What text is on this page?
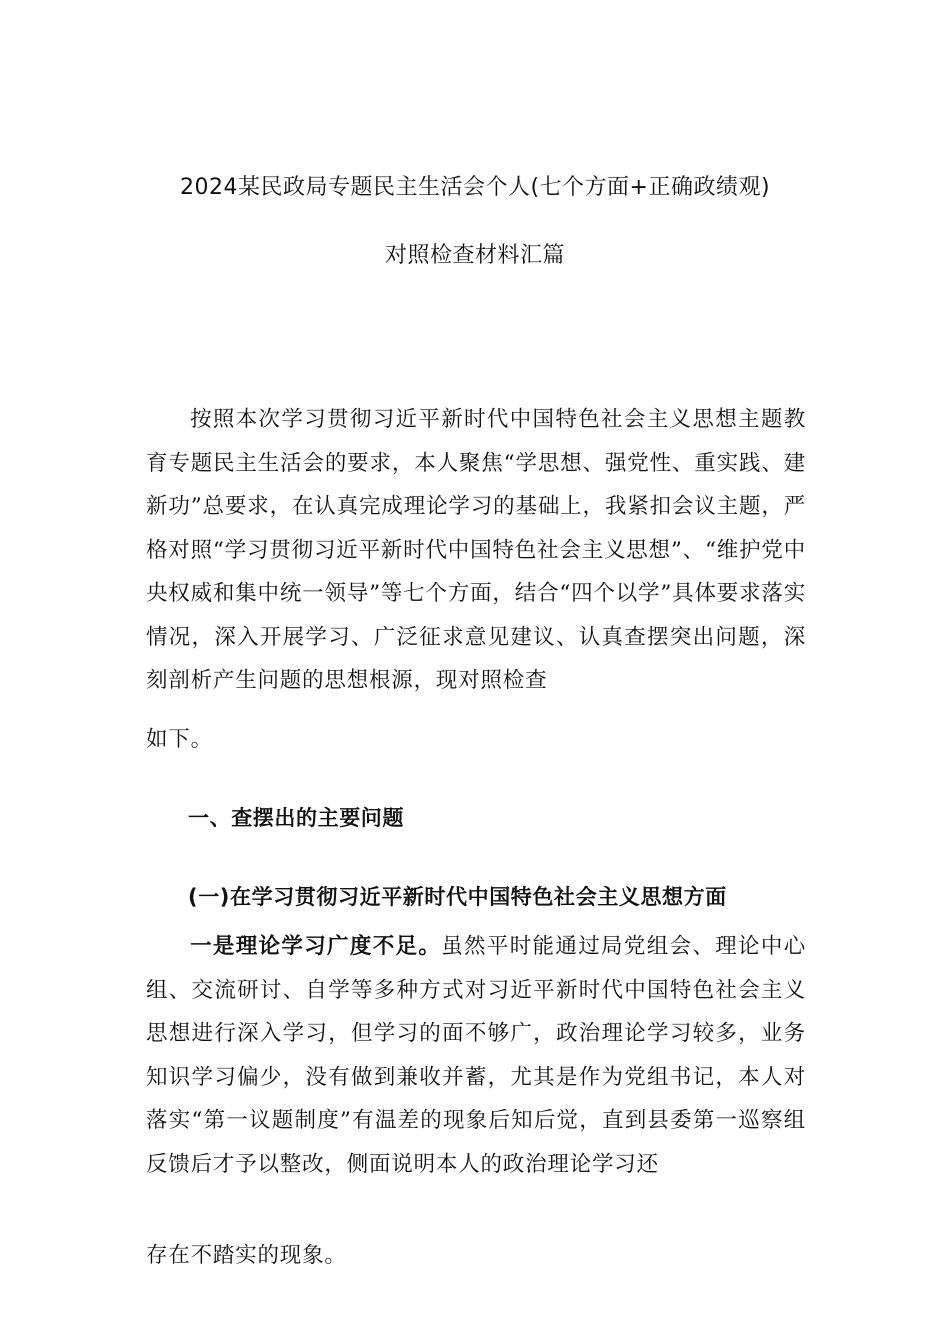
2024某民政局专题民主生活会个人(七个方面+正确政绩观)
对照检查材料汇篇

按照本次学习贯彻习近平新时代中国特色社会主义思想主题教育专题民主生活会的要求，本人聚焦“学思想、强党性、重实践、建新功”总要求，在认真完成理论学习的基础上，我紧扣会议主题，严格对照“学习贯彻习近平新时代中国特色社会主义思想”、“维护党中央权威和集中统一领导”等七个方面，结合“四个以学”具体要求落实情况，深入开展学习、广泛征求意见建议、认真查摆突出问题，深刻剖析产生问题的思想根源，现对照检查

如下。
一、查摆出的主要问题
(一)在学习贯彻习近平新时代中国特色社会主义思想方面

一是理论学习广度不足。虽然平时能通过局党组会、理论中心组、交流研讨、自学等多种方式对习近平新时代中国特色社会主义思想进行深入学习，但学习的面不够广，政治理论学习较多，业务知识学习偏少，没有做到兼收并蓄，尤其是作为党组书记，本人对落实“第一议题制度”有温差的现象后知后觉，直到县委第一巡察组反馈后才予以整改，侧面说明本人的政治理论学习还

存在不踏实的现象。
